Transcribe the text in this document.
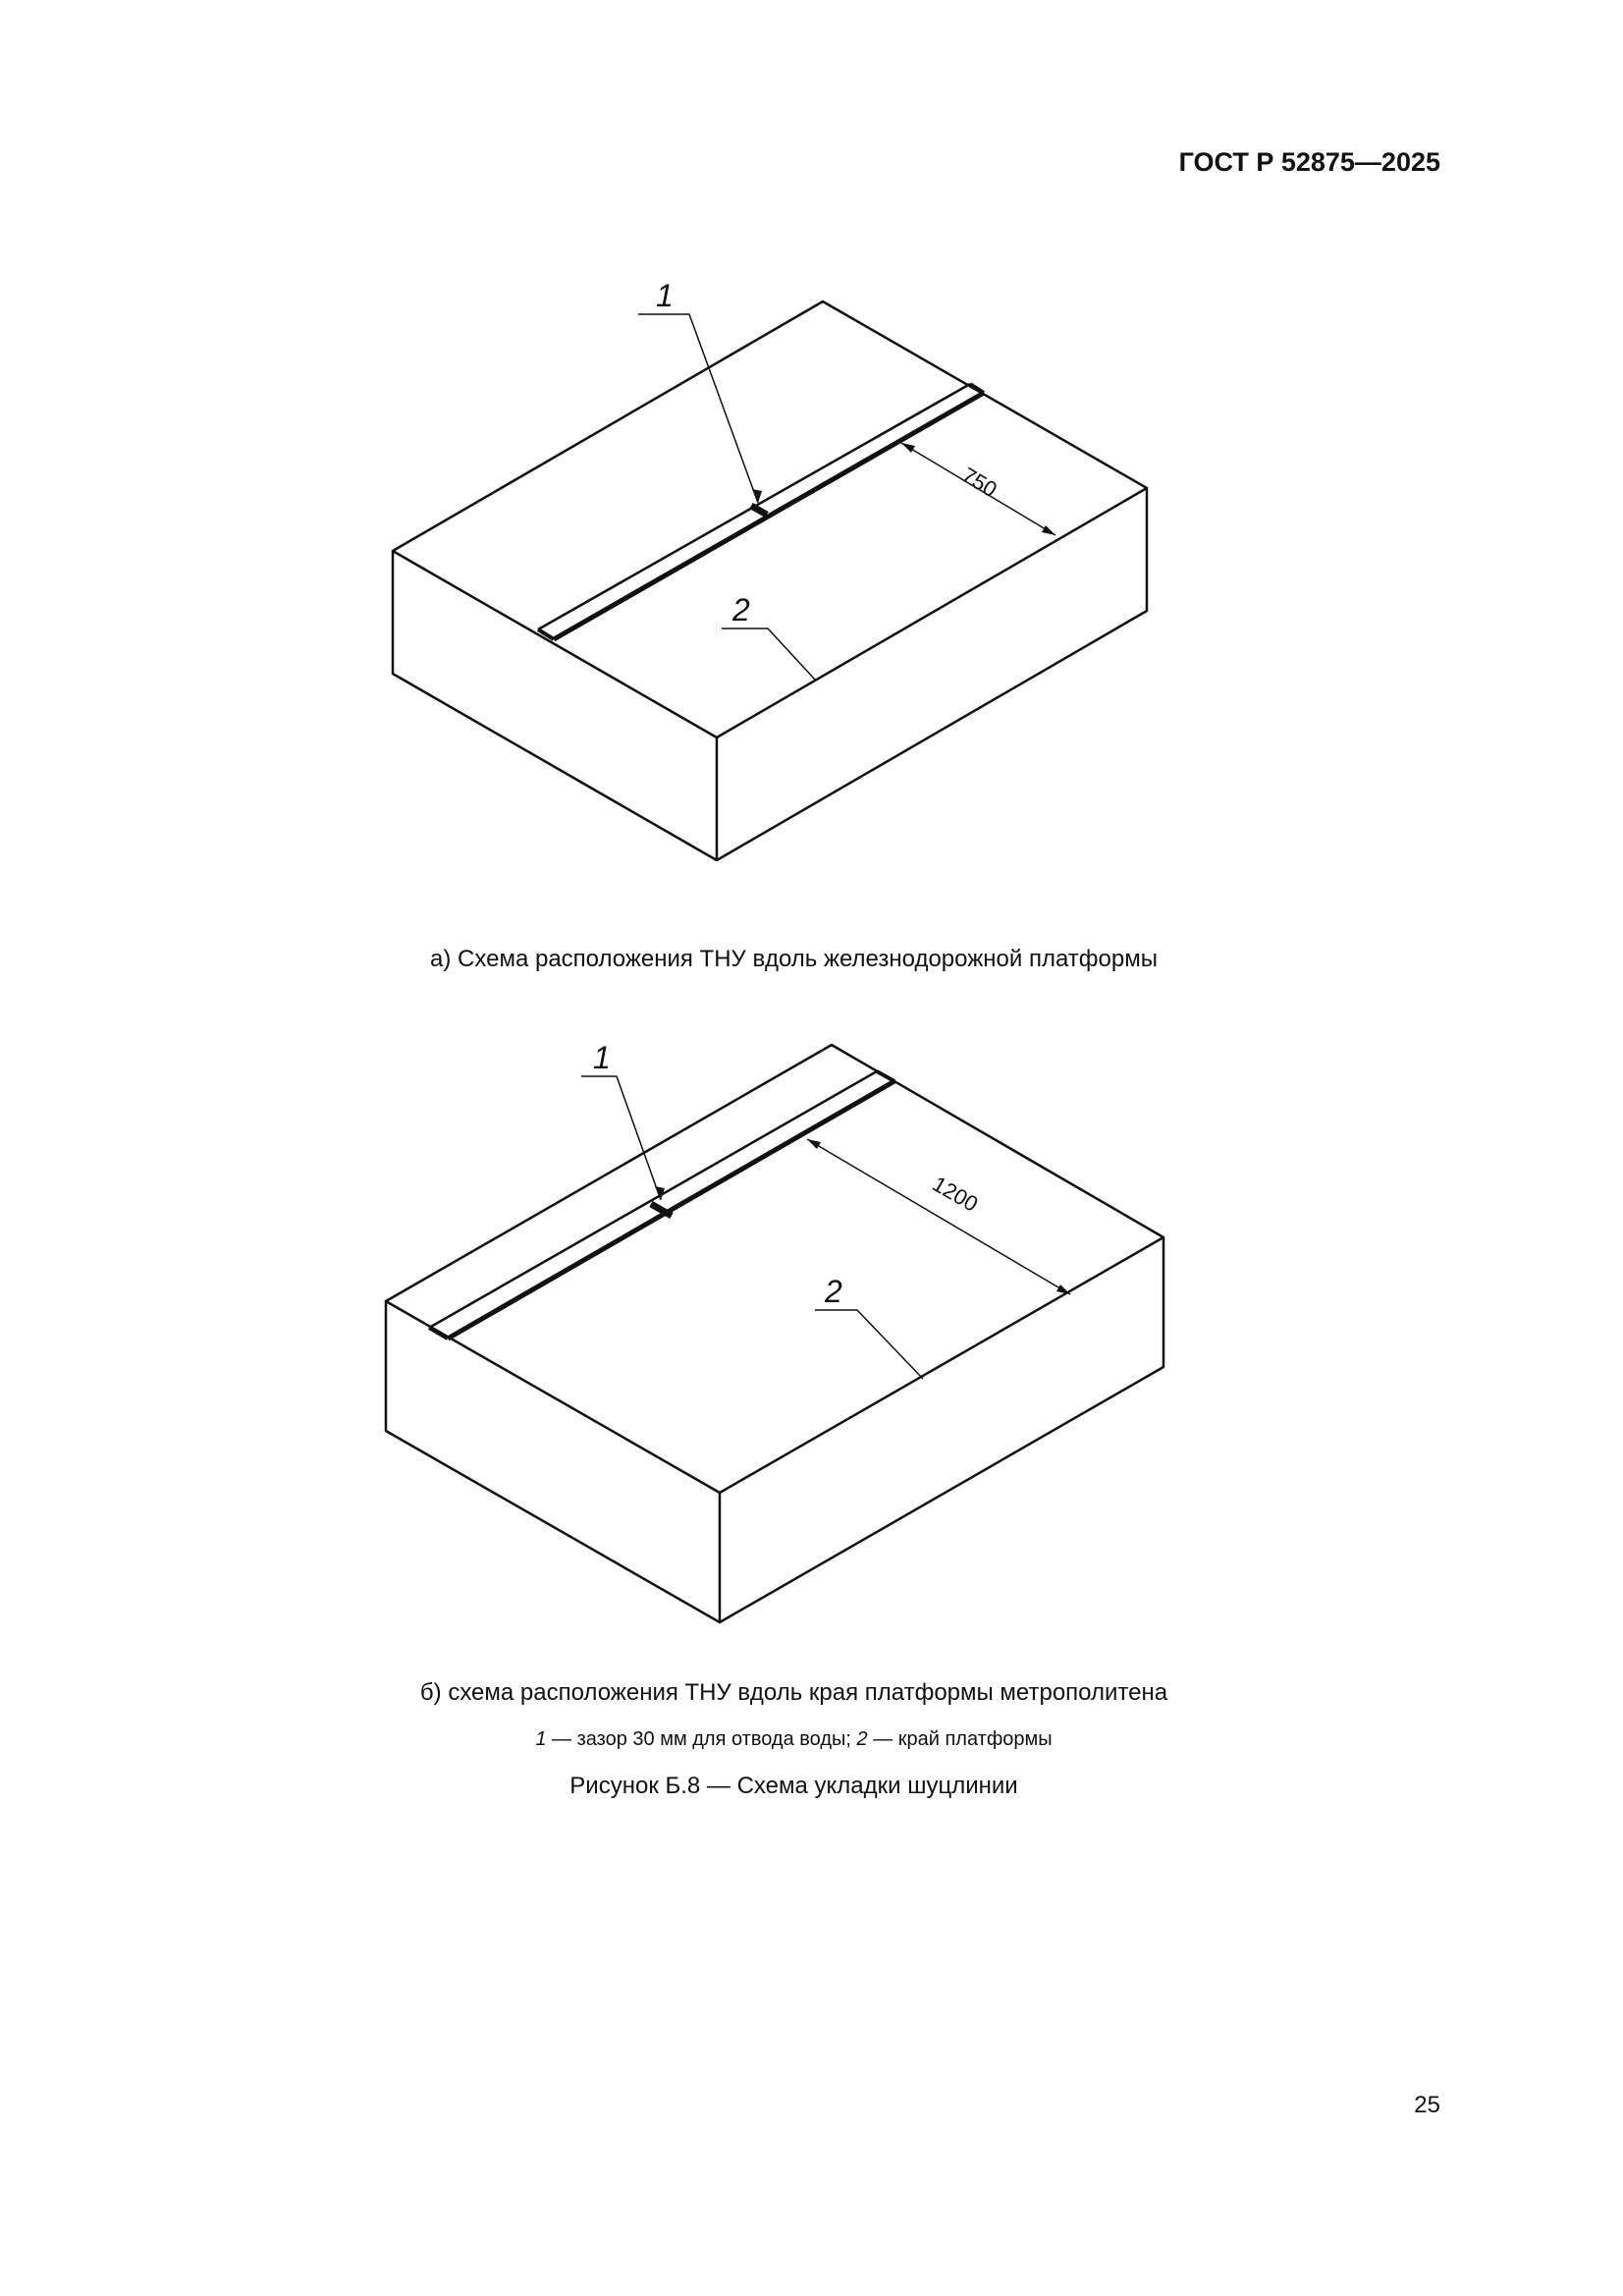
ГОСТ Р 52875—2025
1
2
750
а) Схема расположения ТНУ вдоль железнодорожной платформы
1
2
1200
б) схема расположения ТНУ вдоль края платформы метрополитена
1 — зазор 30 мм для отвода воды; 2 — край платформы
Рисунок Б.8 — Схема укладки шуцлинии
25
